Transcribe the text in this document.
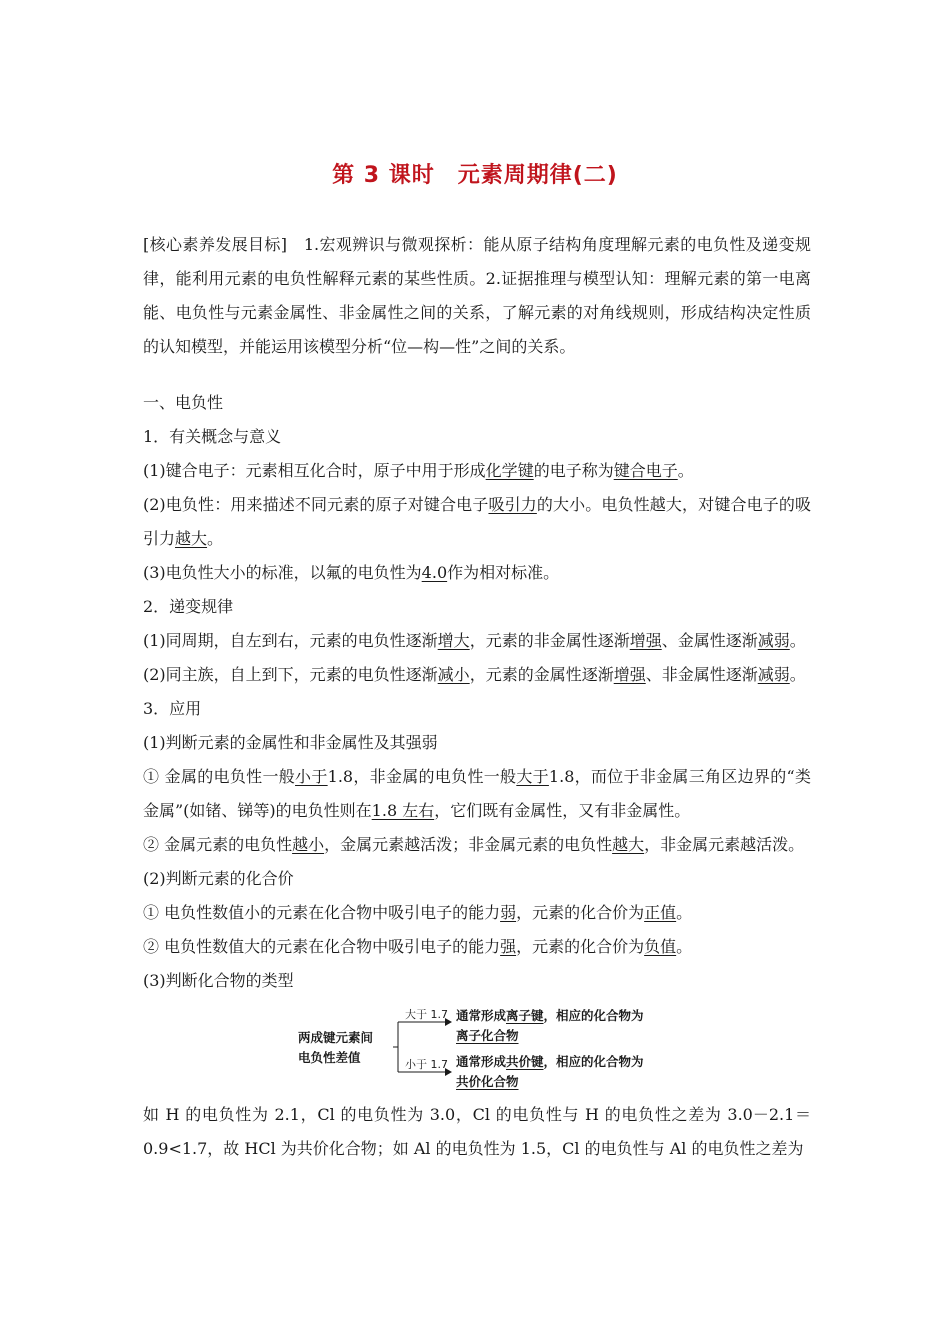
第 3 课时　元素周期律(二)

[核心素养发展目标]　1.宏观辨识与微观探析：能从原子结构角度理解元素的电负性及递变规律，能利用元素的电负性解释元素的某些性质。2.证据推理与模型认知：理解元素的第一电离能、电负性与元素金属性、非金属性之间的关系，了解元素的对角线规则，形成结构决定性质的认知模型，并能运用该模型分析“位—构—性”之间的关系。

一、电负性

1．有关概念与意义

(1)键合电子：元素相互化合时，原子中用于形成化学键的电子称为键合电子。

(2)电负性：用来描述不同元素的原子对键合电子吸引力的大小。电负性越大，对键合电子的吸引力越大。

(3)电负性大小的标准，以氟的电负性为4.0作为相对标准。

2．递变规律

(1)同周期，自左到右，元素的电负性逐渐增大，元素的非金属性逐渐增强、金属性逐渐减弱。

(2)同主族，自上到下，元素的电负性逐渐减小，元素的金属性逐渐增强、非金属性逐渐减弱。

3．应用

(1)判断元素的金属性和非金属性及其强弱

① 金属的电负性一般小于1.8，非金属的电负性一般大于1.8，而位于非金属三角区边界的“类金属”(如锗、锑等)的电负性则在1.8 左右，它们既有金属性，又有非金属性。

② 金属元素的电负性越小，金属元素越活泼；非金属元素的电负性越大，非金属元素越活泼。

(2)判断元素的化合价

① 电负性数值小的元素在化合物中吸引电子的能力弱，元素的化合价为正值。

② 电负性数值大的元素在化合物中吸引电子的能力强，元素的化合价为负值。

(3)判断化合物的类型

两成键元素间
电负性差值
大于 1.7
小于 1.7
通常形成离子键，相应的化合物为
离子化合物
通常形成共价键，相应的化合物为
共价化合物

如 H 的电负性为 2.1，Cl 的电负性为 3.0，Cl 的电负性与 H 的电负性之差为 3.0－2.1＝0.9<1.7，故 HCl 为共价化合物；如 Al 的电负性为 1.5，Cl 的电负性与 Al 的电负性之差为
